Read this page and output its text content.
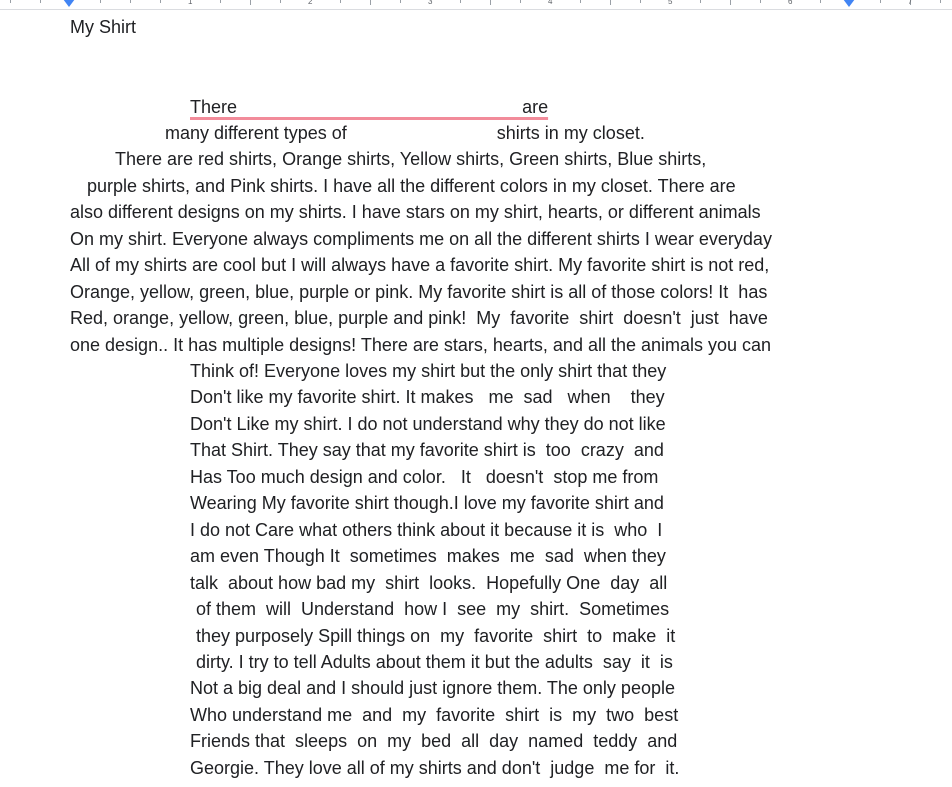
1	2	3	4	5	6	7
My Shirt
There                                                         are
many different types of                              shirts in my closet.
There are red shirts, Orange shirts, Yellow shirts, Green shirts, Blue shirts,
purple shirts, and Pink shirts. I have all the different colors in my closet. There are
also different designs on my shirts. I have stars on my shirt, hearts, or different animals
On my shirt. Everyone always compliments me on all the different shirts I wear everyday
All of my shirts are cool but I will always have a favorite shirt. My favorite shirt is not red,
Orange, yellow, green, blue, purple or pink. My favorite shirt is all of those colors! It  has
Red, orange, yellow, green, blue, purple and pink!  My  favorite  shirt  doesn't  just  have
one design.. It has multiple designs! There are stars, hearts, and all the animals you can
Think of! Everyone loves my shirt but the only shirt that they
Don't like my favorite shirt. It makes   me  sad   when    they
Don't Like my shirt. I do not understand why they do not like
That Shirt. They say that my favorite shirt is  too  crazy  and
Has Too much design and color.   It   doesn't  stop me from
Wearing My favorite shirt though.I love my favorite shirt and
I do not Care what others think about it because it is  who  I
am even Though It  sometimes  makes  me  sad  when they
talk  about how bad my  shirt  looks.  Hopefully One  day  all
of them  will  Understand  how I  see  my  shirt.  Sometimes
they purposely Spill things on  my  favorite  shirt  to  make  it
dirty. I try to tell Adults about them it but the adults  say  it  is
Not a big deal and I should just ignore them. The only people
Who understand me  and  my  favorite  shirt  is  my  two  best
Friends that  sleeps  on  my  bed  all  day  named  teddy  and
Georgie. They love all of my shirts and don't  judge  me for  it.
